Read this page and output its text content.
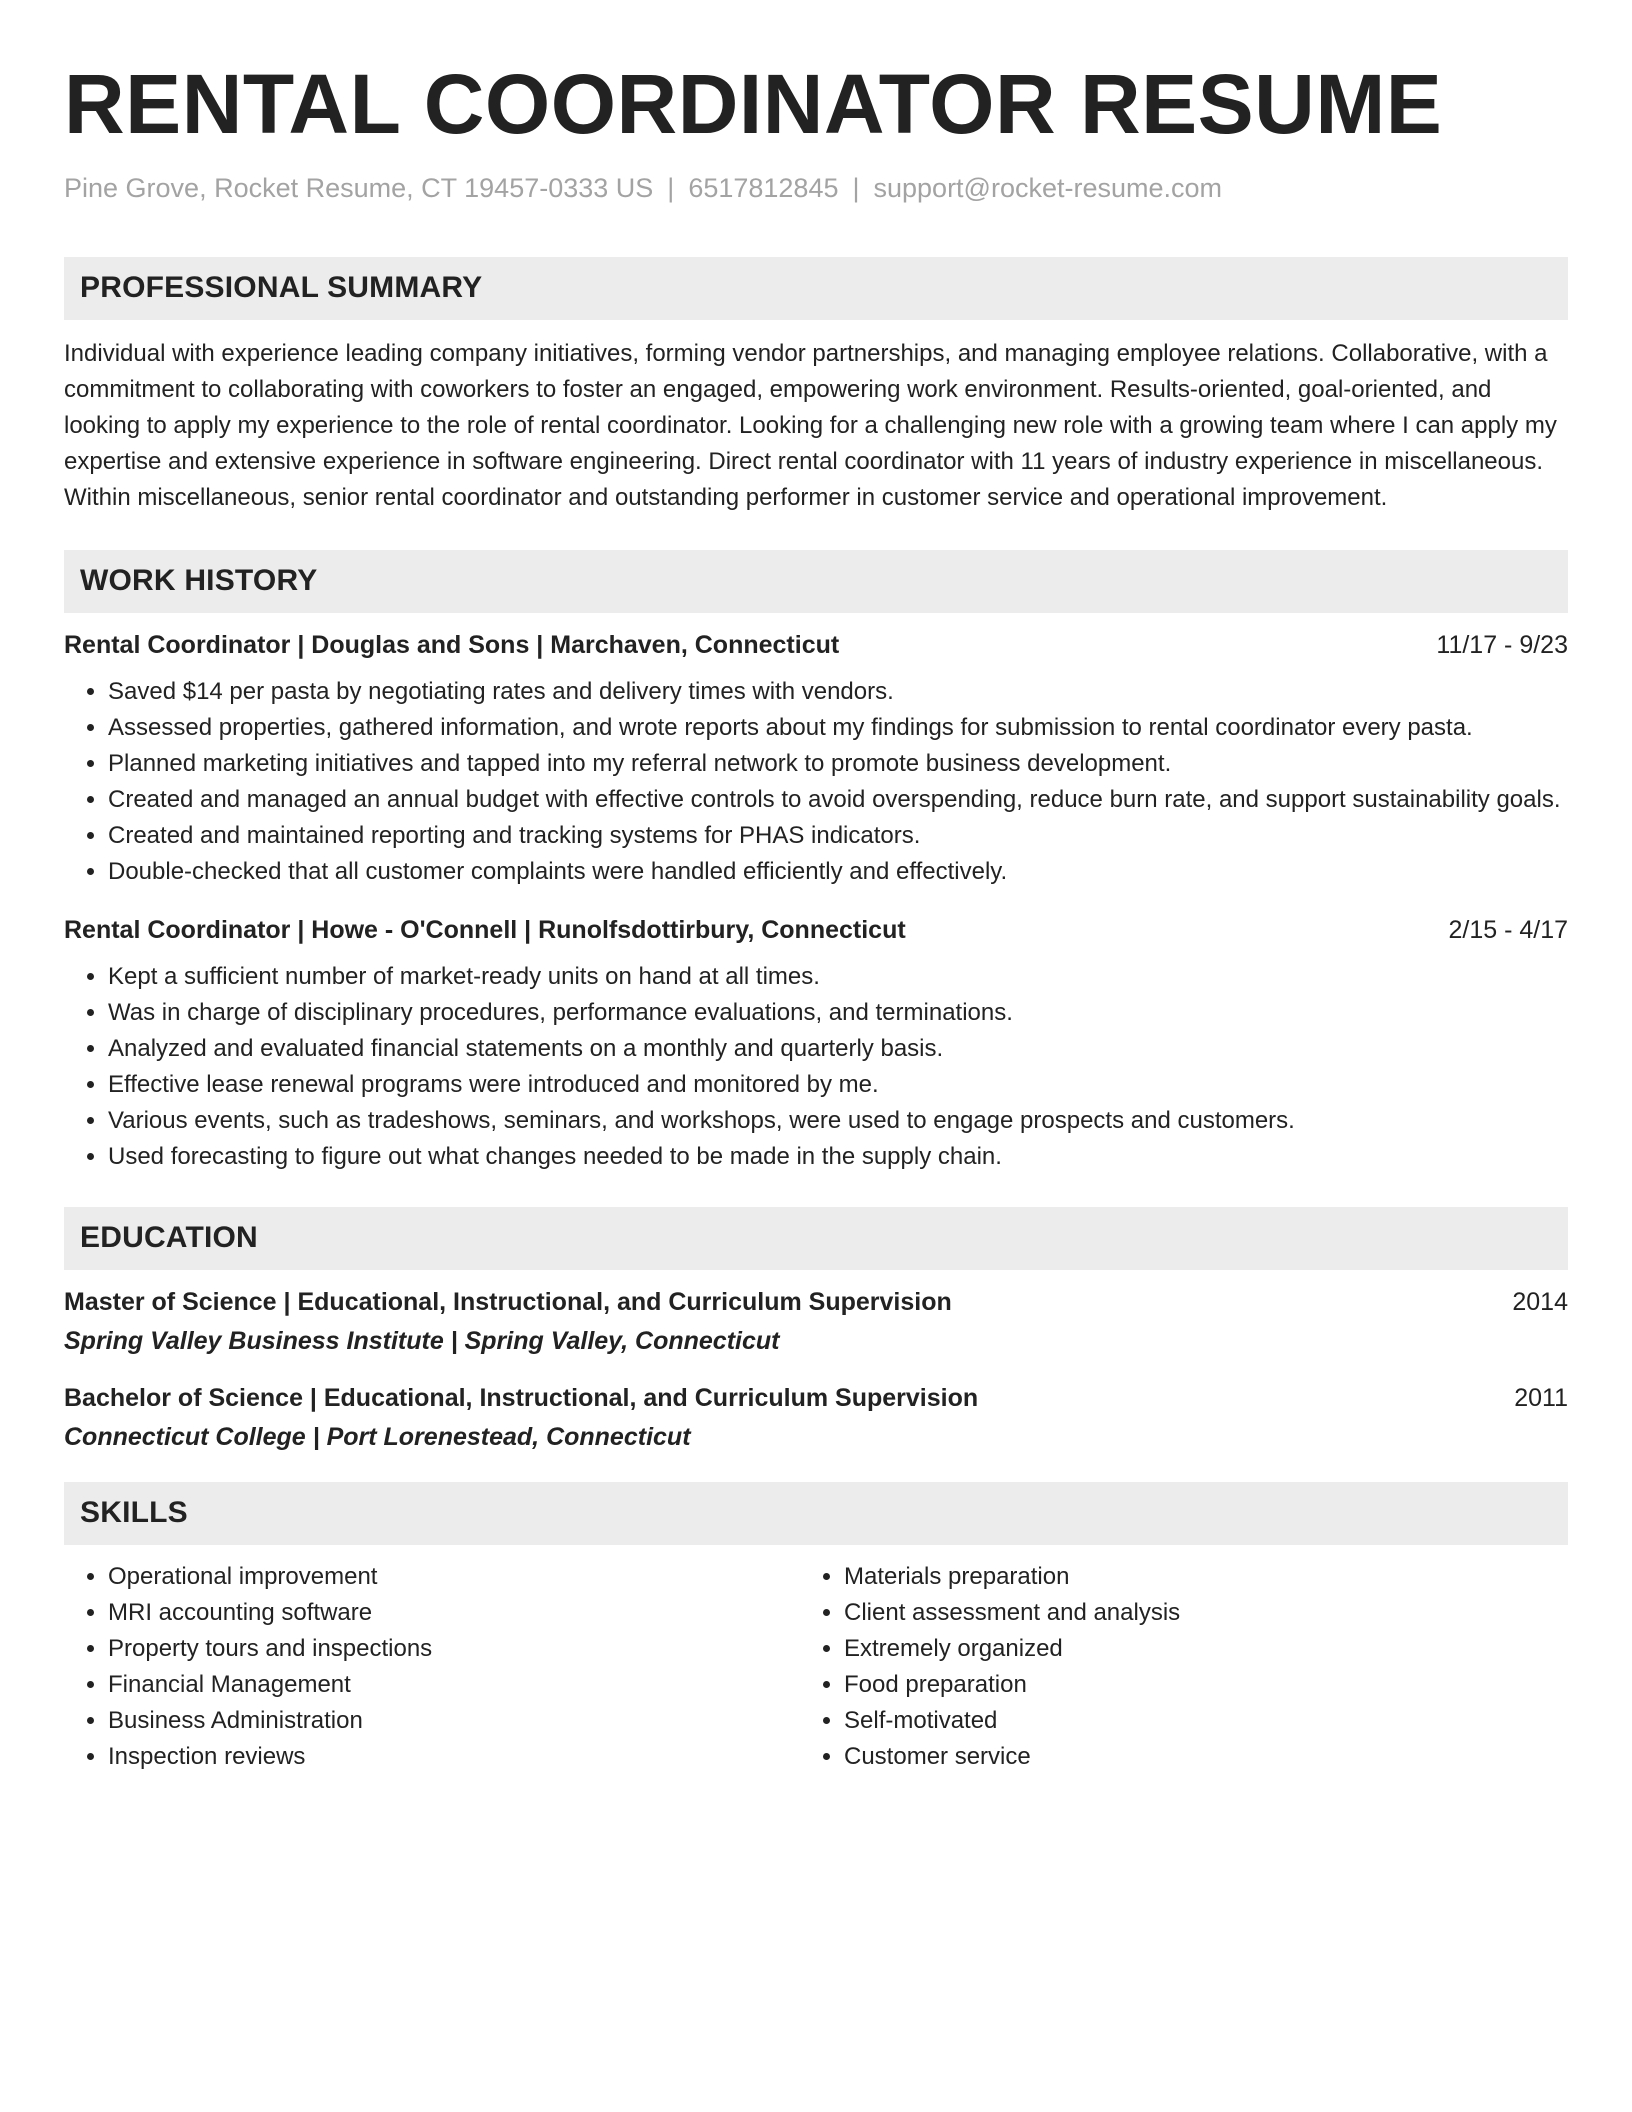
RENTAL COORDINATOR RESUME
Pine Grove, Rocket Resume, CT 19457-0333 US | 6517812845 | support@rocket-resume.com
PROFESSIONAL SUMMARY

Individual with experience leading company initiatives, forming vendor partnerships, and managing employee relations. Collaborative, with a commitment to collaborating with coworkers to foster an engaged, empowering work environment. Results-oriented, goal-oriented, and looking to apply my experience to the role of rental coordinator. Looking for a challenging new role with a growing team where I can apply my expertise and extensive experience in software engineering. Direct rental coordinator with 11 years of industry experience in miscellaneous. Within miscellaneous, senior rental coordinator and outstanding performer in customer service and operational improvement.

WORK HISTORY
Rental Coordinator | Douglas and Sons | Marchaven, Connecticut	11/17 - 9/23
• Saved $14 per pasta by negotiating rates and delivery times with vendors.
• Assessed properties, gathered information, and wrote reports about my findings for submission to rental coordinator every pasta.
• Planned marketing initiatives and tapped into my referral network to promote business development.
• Created and managed an annual budget with effective controls to avoid overspending, reduce burn rate, and support sustainability goals.
• Created and maintained reporting and tracking systems for PHAS indicators.
• Double-checked that all customer complaints were handled efficiently and effectively.
Rental Coordinator | Howe - O'Connell | Runolfsdottirbury, Connecticut	2/15 - 4/17
• Kept a sufficient number of market-ready units on hand at all times.
• Was in charge of disciplinary procedures, performance evaluations, and terminations.
• Analyzed and evaluated financial statements on a monthly and quarterly basis.
• Effective lease renewal programs were introduced and monitored by me.
• Various events, such as tradeshows, seminars, and workshops, were used to engage prospects and customers.
• Used forecasting to figure out what changes needed to be made in the supply chain.
EDUCATION
Master of Science | Educational, Instructional, and Curriculum Supervision	2014
Spring Valley Business Institute | Spring Valley, Connecticut
Bachelor of Science | Educational, Instructional, and Curriculum Supervision	2011
Connecticut College | Port Lorenestead, Connecticut
SKILLS
• Operational improvement
• MRI accounting software
• Property tours and inspections
• Financial Management
• Business Administration
• Inspection reviews
• Materials preparation
• Client assessment and analysis
• Extremely organized
• Food preparation
• Self-motivated
• Customer service
